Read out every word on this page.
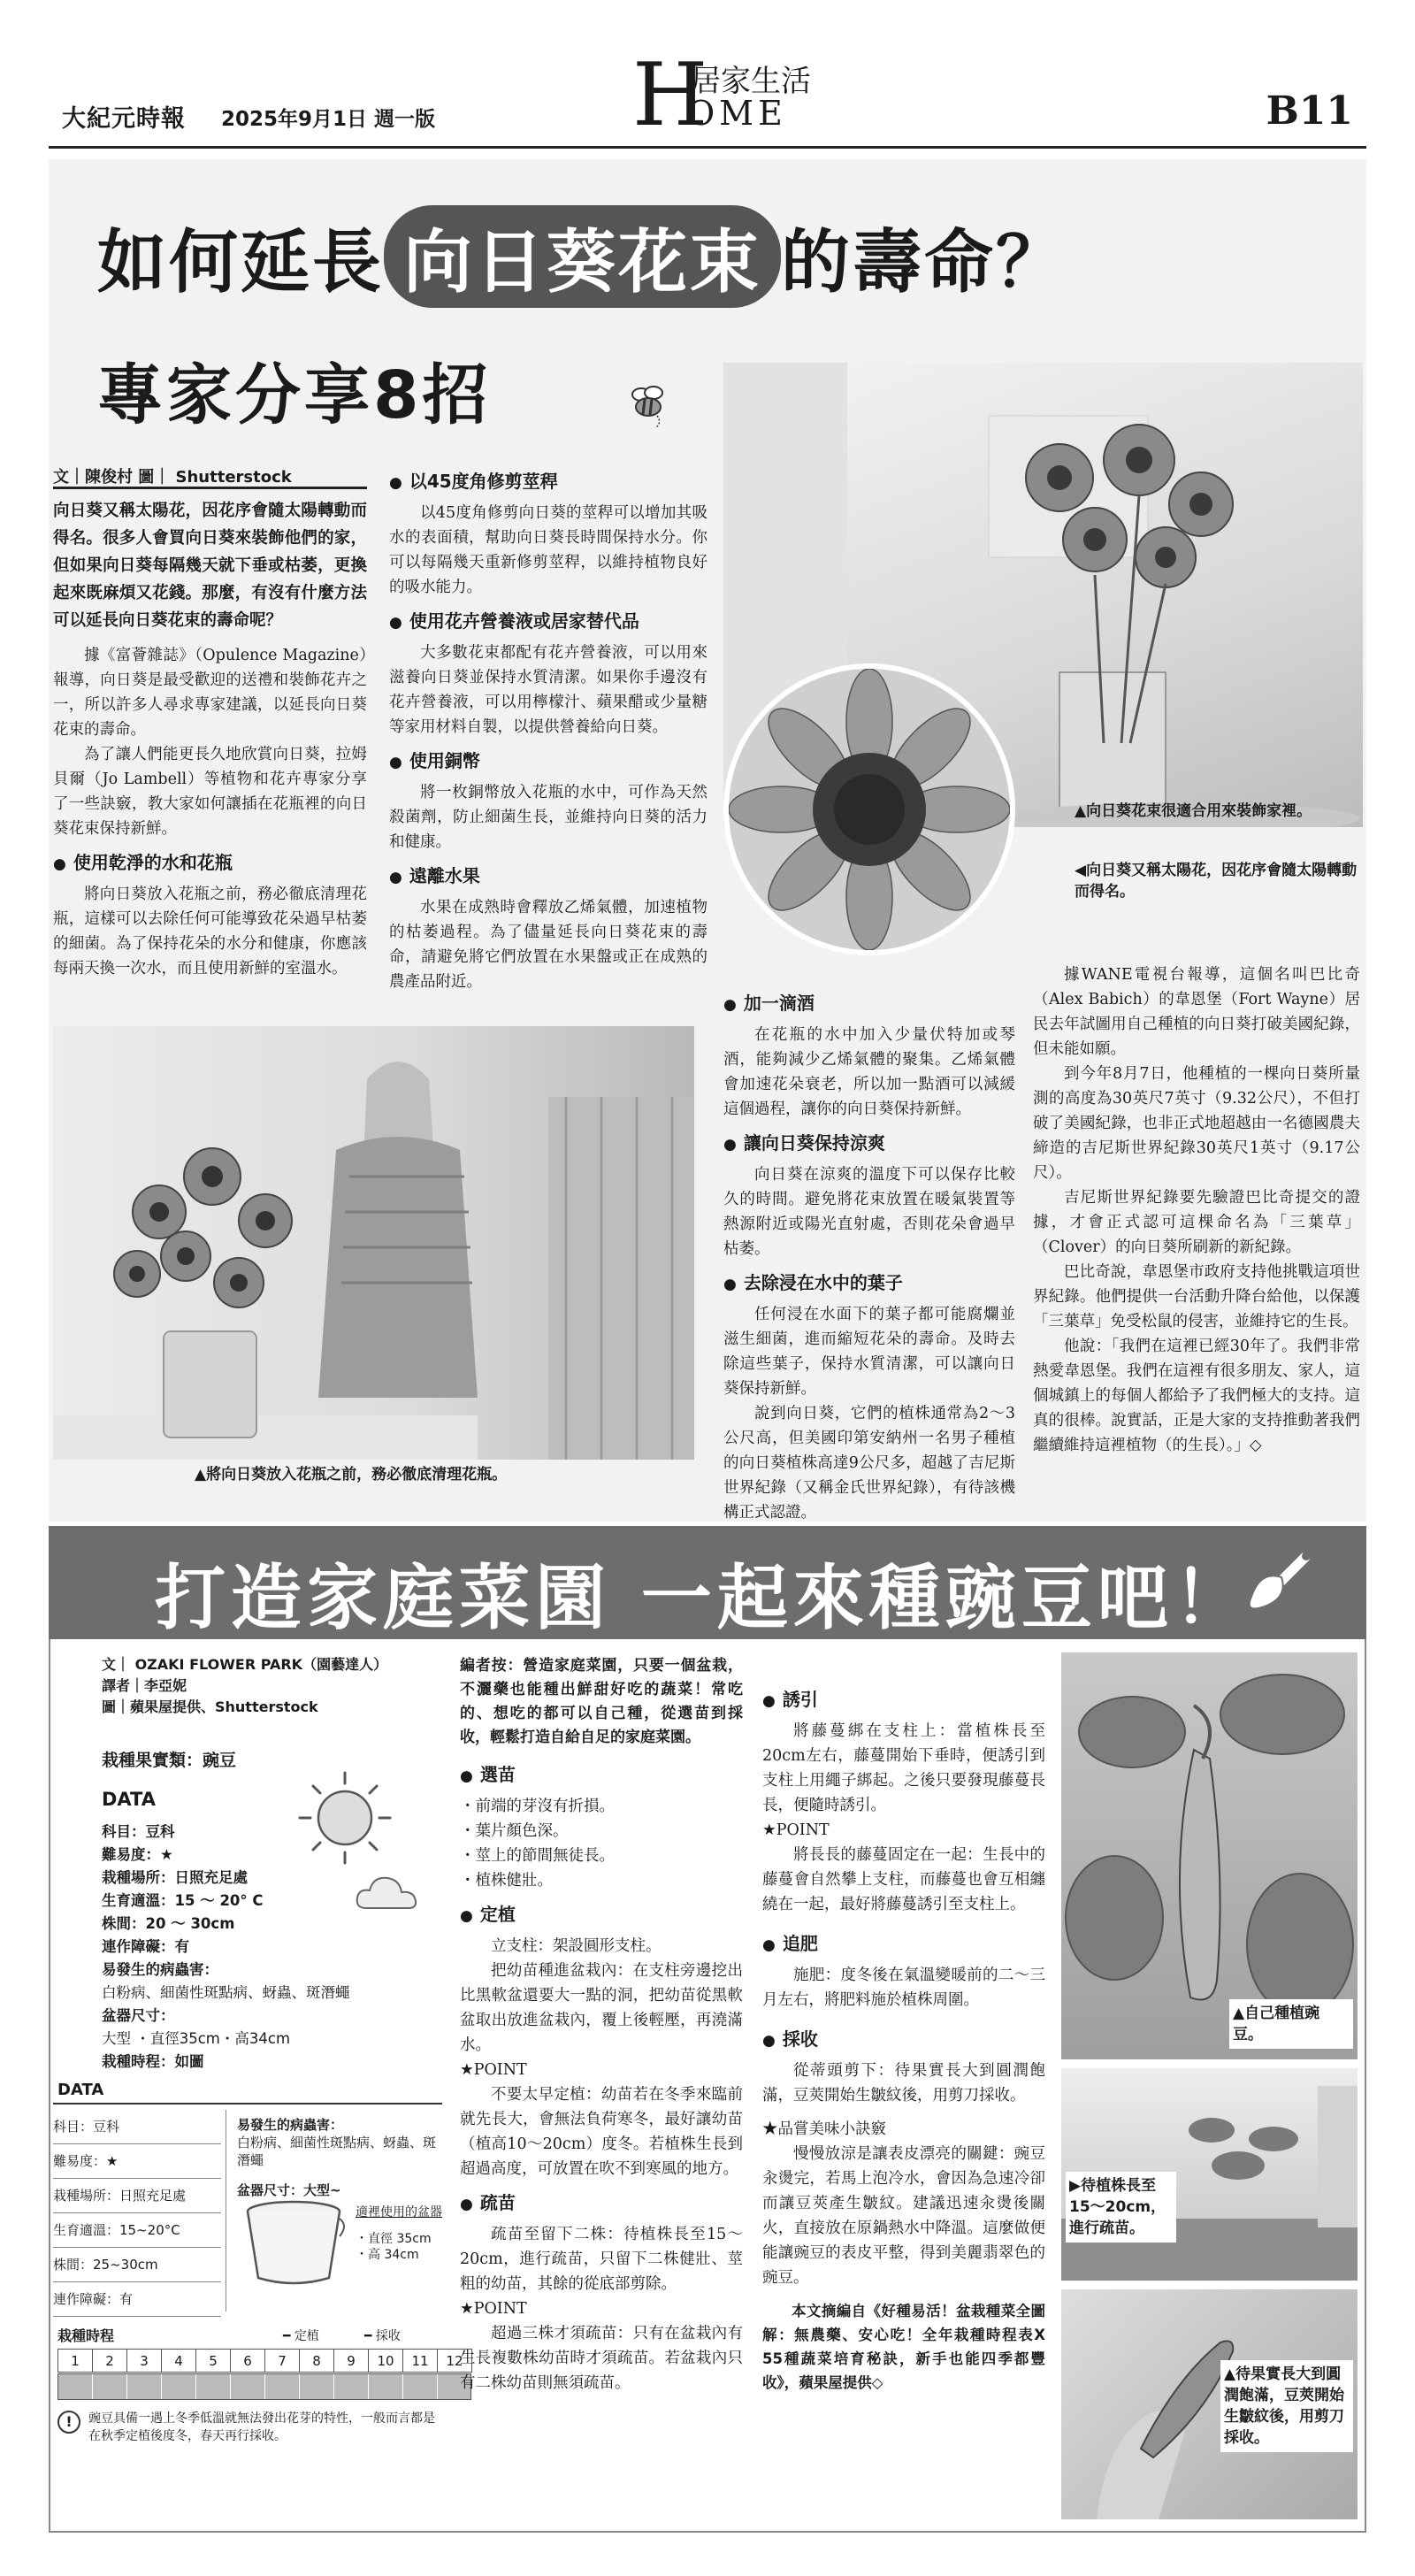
大紀元時報 2025年9月1日 週一版 H
居家生活
OME	B11
如何延長 向日葵花束 的壽命？
專家分享8招
▲向日葵花束很適合用來裝飾家裡。
◀向日葵又稱太陽花，因花序會隨太陽轉動而得名。
▲將向日葵放入花瓶之前，務必徹底清理花瓶。
文｜陳俊村 圖｜ Shutterstock
向日葵又稱太陽花，因花序會隨太陽轉動而得名。很多人會買向日葵來裝飾他們的家，但如果向日葵每隔幾天就下垂或枯萎，更換起來既麻煩又花錢。那麼，有沒有什麼方法可以延長向日葵花束的壽命呢？

據《富薈雜誌》（Opulence Magazine）報導，向日葵是最受歡迎的送禮和裝飾花卉之一，所以許多人尋求專家建議，以延長向日葵花束的壽命。

為了讓人們能更長久地欣賞向日葵，拉姆貝爾（Jo Lambell）等植物和花卉專家分享了一些訣竅，教大家如何讓插在花瓶裡的向日葵花束保持新鮮。

● 使用乾淨的水和花瓶

將向日葵放入花瓶之前，務必徹底清理花瓶，這樣可以去除任何可能導致花朵過早枯萎的細菌。為了保持花朵的水分和健康，你應該每兩天換一次水，而且使用新鮮的室溫水。

● 以45度角修剪莖稈

以45度角修剪向日葵的莖稈可以增加其吸水的表面積，幫助向日葵長時間保持水分。你可以每隔幾天重新修剪莖稈，以維持植物良好的吸水能力。

● 使用花卉營養液或居家替代品

大多數花束都配有花卉營養液，可以用來滋養向日葵並保持水質清潔。如果你手邊沒有花卉營養液，可以用檸檬汁、蘋果醋或少量糖等家用材料自製，以提供營養給向日葵。

● 使用銅幣

將一枚銅幣放入花瓶的水中，可作為天然殺菌劑，防止細菌生長，並維持向日葵的活力和健康。

● 遠離水果

水果在成熟時會釋放乙烯氣體，加速植物的枯萎過程。為了儘量延長向日葵花束的壽命，請避免將它們放置在水果盤或正在成熟的農產品附近。

● 加一滴酒

在花瓶的水中加入少量伏特加或琴酒，能夠減少乙烯氣體的聚集。乙烯氣體會加速花朵衰老，所以加一點酒可以減緩這個過程，讓你的向日葵保持新鮮。

● 讓向日葵保持涼爽

向日葵在涼爽的溫度下可以保存比較久的時間。避免將花束放置在暖氣裝置等熱源附近或陽光直射處，否則花朵會過早枯萎。

● 去除浸在水中的葉子

任何浸在水面下的葉子都可能腐爛並滋生細菌，進而縮短花朵的壽命。及時去除這些葉子，保持水質清潔，可以讓向日葵保持新鮮。

說到向日葵，它們的植株通常為2～3公尺高，但美國印第安納州一名男子種植的向日葵植株高達9公尺多，超越了吉尼斯世界紀錄（又稱金氏世界紀錄），有待該機構正式認證。

據WANE電視台報導，這個名叫巴比奇（Alex Babich）的韋恩堡（Fort Wayne）居民去年試圖用自己種植的向日葵打破美國紀錄，但未能如願。

到今年8月7日，他種植的一棵向日葵所量測的高度為30英尺7英寸（9.32公尺），不但打破了美國紀錄，也非正式地超越由一名德國農夫締造的吉尼斯世界紀錄30英尺1英寸（9.17公尺）。

吉尼斯世界紀錄要先驗證巴比奇提交的證據，才會正式認可這棵命名為「三葉草」（Clover）的向日葵所刷新的新紀錄。

巴比奇說，韋恩堡市政府支持他挑戰這項世界紀錄。他們提供一台活動升降台給他，以保護「三葉草」免受松鼠的侵害，並維持它的生長。

他說：「我們在這裡已經30年了。我們非常熱愛韋恩堡。我們在這裡有很多朋友、家人，這個城鎮上的每個人都給予了我們極大的支持。這真的很棒。說實話，正是大家的支持推動著我們繼續維持這裡植物（的生長）。」◇

打造家庭菜園 一起來種豌豆吧！
文｜ OZAKI FLOWER PARK（園藝達人）
譯者｜李亞妮
圖｜蘋果屋提供、Shutterstock
栽種果實類：豌豆
DATA
科目：豆科
難易度：★
栽種場所：日照充足處
生育適溫：15 ～ 20° C
株間：20 ～ 30cm
連作障礙：有
易發生的病蟲害：
白粉病、細菌性斑點病、蚜蟲、斑潛蠅
盆器尺寸：
大型 ・直徑35cm・高34cm
栽種時程：如圖
DATA
科目：豆科
難易度：★
栽種場所：日照充足處
生育適溫：15~20°C
株間：25~30cm
連作障礙：有
易發生的病蟲害：
白粉病、細菌性斑點病、蚜蟲、斑潛蠅
盆器尺寸：大型~
適裡使用的盆器
・直徑 35cm
・高 34cm
栽種時程	━ 定植	━ 採收
1	2	3	4	5	6	7	8	9	10	11	12
!	豌豆具備一遇上冬季低溫就無法發出花芽的特性，一般而言都是在秋季定植後度冬，春天再行採收。
編者按：營造家庭菜園，只要一個盆栽，不灑藥也能種出鮮甜好吃的蔬菜！常吃的、想吃的都可以自己種，從選苗到採收，輕鬆打造自給自足的家庭菜園。
● 選苗
・前端的芽沒有折損。
・葉片顏色深。
・莖上的節間無徒長。
・植株健壯。
● 定植

立支柱：架設圓形支柱。

把幼苗種進盆栽內：在支柱旁邊挖出比黑軟盆還要大一點的洞，把幼苗從黑軟盆取出放進盆栽內，覆上後輕壓，再澆滿水。

★POINT

不要太早定植：幼苗若在冬季來臨前就先長大，會無法負荷寒冬，最好讓幼苗（植高10～20cm）度冬。若植株生長到超過高度，可放置在吹不到寒風的地方。

● 疏苗

疏苗至留下二株：待植株長至15～20cm，進行疏苗，只留下二株健壯、莖粗的幼苗，其餘的從底部剪除。

★POINT

超過三株才須疏苗：只有在盆栽內有生長複數株幼苗時才須疏苗。若盆栽內只有二株幼苗則無須疏苗。

● 誘引

將藤蔓綁在支柱上：當植株長至20cm左右，藤蔓開始下垂時，便誘引到支柱上用繩子綁起。之後只要發現藤蔓長長，便隨時誘引。

★POINT

將長長的藤蔓固定在一起：生長中的藤蔓會自然攀上支柱，而藤蔓也會互相纏繞在一起，最好將藤蔓誘引至支柱上。

● 追肥

施肥：度冬後在氣溫變暖前的二～三月左右，將肥料施於植株周圍。

● 採收

從蒂頭剪下：待果實長大到圓潤飽滿，豆莢開始生皺紋後，用剪刀採收。

★品嘗美味小訣竅

慢慢放涼是讓表皮漂亮的關鍵：豌豆汆燙完，若馬上泡冷水，會因為急速冷卻而讓豆莢產生皺紋。建議迅速汆燙後關火，直接放在原鍋熱水中降溫。這麼做便能讓豌豆的表皮平整，得到美麗翡翠色的豌豆。

本文摘編自《好種易活！盆栽種菜全圖解：無農藥、安心吃！全年栽種時程表X 55種蔬菜培育秘訣，新手也能四季都豐收》，蘋果屋提供◇

▲自己種植豌豆。
▶待植株長至15～20cm，進行疏苗。
▲待果實長大到圓潤飽滿，豆莢開始生皺紋後，用剪刀採收。
